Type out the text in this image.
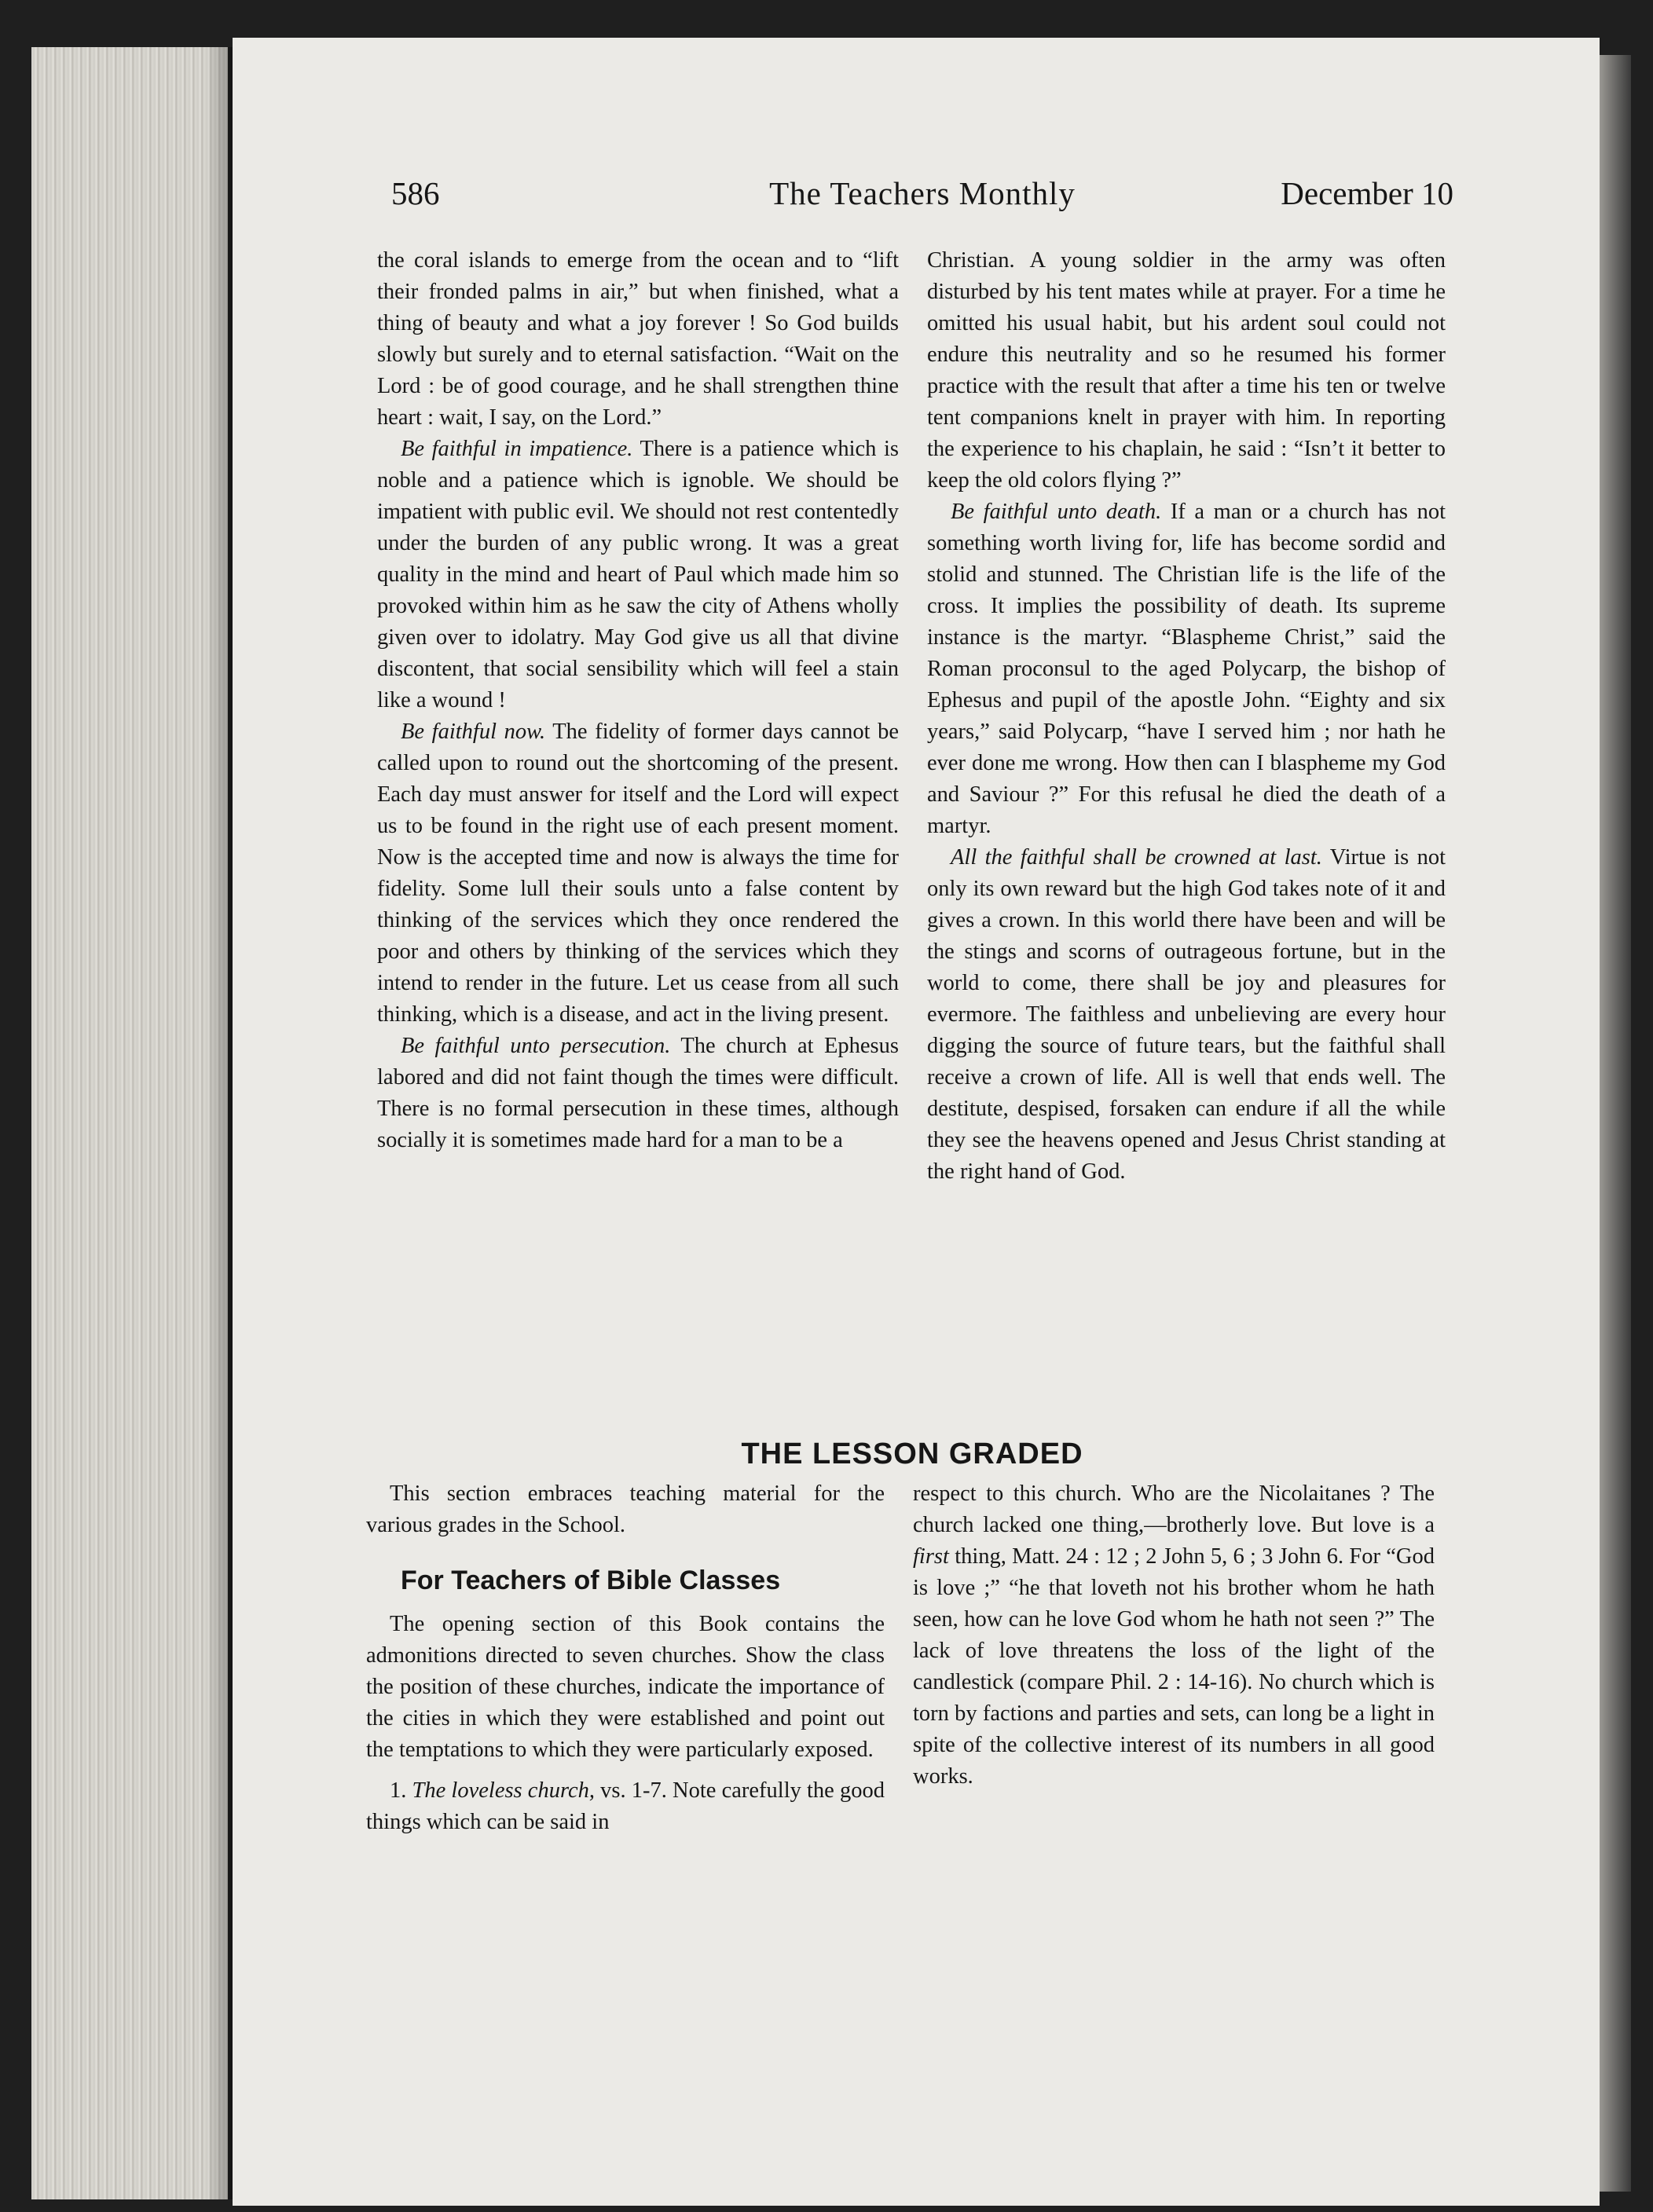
586	The Teachers Monthly	December 10

the coral islands to emerge from the ocean and to “lift their fronded palms in air,” but when finished, what a thing of beauty and what a joy forever ! So God builds slowly but surely and to eternal satisfaction. “Wait on the Lord : be of good courage, and he shall strengthen thine heart : wait, I say, on the Lord.”

Be faithful in impatience. There is a patience which is noble and a patience which is ignoble. We should be impatient with public evil. We should not rest contentedly under the burden of any public wrong. It was a great quality in the mind and heart of Paul which made him so provoked within him as he saw the city of Athens wholly given over to idolatry. May God give us all that divine discontent, that social sensibility which will feel a stain like a wound !

Be faithful now. The fidelity of former days cannot be called upon to round out the shortcoming of the present. Each day must answer for itself and the Lord will expect us to be found in the right use of each present moment. Now is the accepted time and now is always the time for fidelity. Some lull their souls unto a false content by thinking of the services which they once rendered the poor and others by thinking of the services which they intend to render in the future. Let us cease from all such thinking, which is a disease, and act in the living present.

Be faithful unto persecution. The church at Ephesus labored and did not faint though the times were difficult. There is no formal persecution in these times, although socially it is sometimes made hard for a man to be a

Christian. A young soldier in the army was often disturbed by his tent mates while at prayer. For a time he omitted his usual habit, but his ardent soul could not endure this neutrality and so he resumed his former practice with the result that after a time his ten or twelve tent companions knelt in prayer with him. In reporting the experience to his chaplain, he said : “Isn’t it better to keep the old colors flying ?”

Be faithful unto death. If a man or a church has not something worth living for, life has become sordid and stolid and stunned. The Christian life is the life of the cross. It implies the possibility of death. Its supreme instance is the martyr. “Blaspheme Christ,” said the Roman proconsul to the aged Polycarp, the bishop of Ephesus and pupil of the apostle John. “Eighty and six years,” said Polycarp, “have I served him ; nor hath he ever done me wrong. How then can I blaspheme my God and Saviour ?” For this refusal he died the death of a martyr.

All the faithful shall be crowned at last. Virtue is not only its own reward but the high God takes note of it and gives a crown. In this world there have been and will be the stings and scorns of outrageous fortune, but in the world to come, there shall be joy and pleasures for evermore. The faithless and unbelieving are every hour digging the source of future tears, but the faithful shall receive a crown of life. All is well that ends well. The destitute, despised, forsaken can endure if all the while they see the heavens opened and Jesus Christ standing at the right hand of God.

THE LESSON GRADED

This section embraces teaching material for the various grades in the School.

For Teachers of Bible Classes

The opening section of this Book contains the admonitions directed to seven churches. Show the class the position of these churches, indicate the importance of the cities in which they were established and point out the temptations to which they were particularly exposed.

1. The loveless church, vs. 1-7. Note carefully the good things which can be said in

respect to this church. Who are the Nicolaitanes ? The church lacked one thing,—brotherly love. But love is a first thing, Matt. 24 : 12 ; 2 John 5, 6 ; 3 John 6. For “God is love ;” “he that loveth not his brother whom he hath seen, how can he love God whom he hath not seen ?” The lack of love threatens the loss of the light of the candlestick (compare Phil. 2 : 14-16). No church which is torn by factions and parties and sets, can long be a light in spite of the collective interest of its numbers in all good works.
